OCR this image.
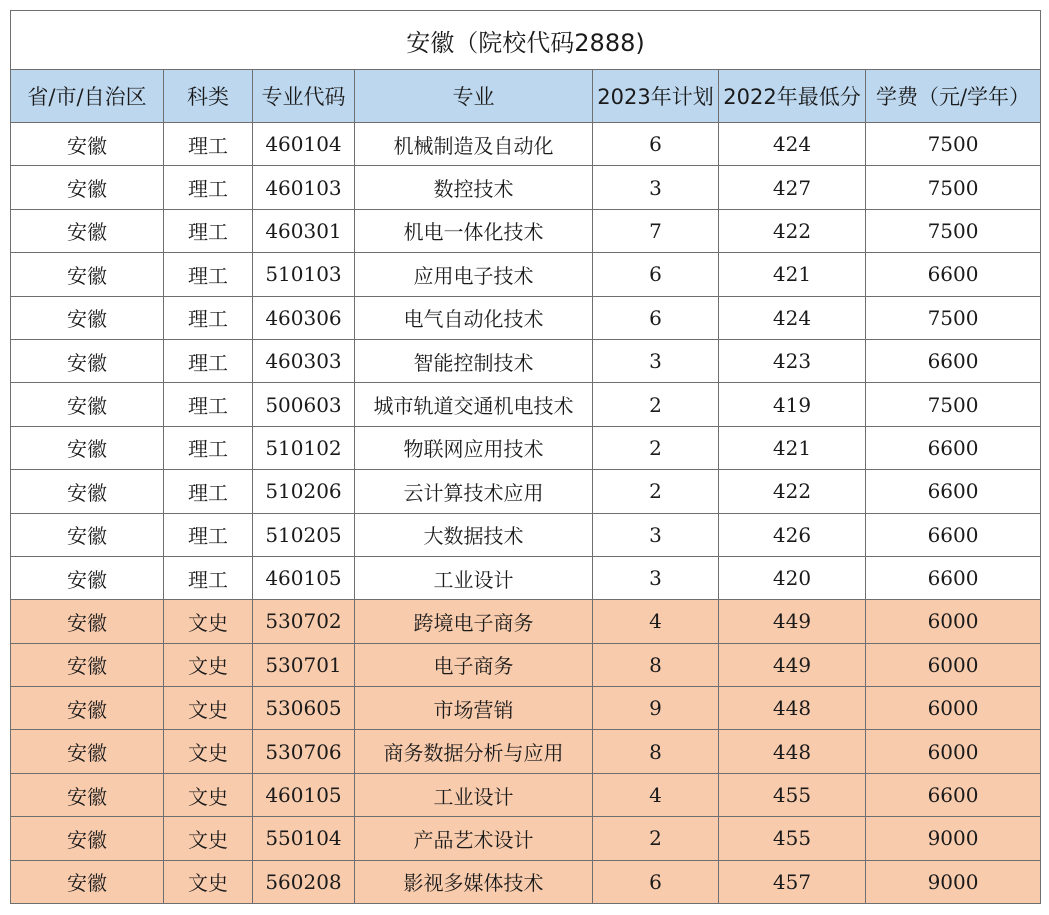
安徽（院校代码2888)						
省/市/自治区	科类	专业代码	专业	2023年计划	2022年最低分	学费（元/学年）
安徽	理工	460104	机械制造及自动化	6	424	7500
安徽	理工	460103	数控技术	3	427	7500
安徽	理工	460301	机电一体化技术	7	422	7500
安徽	理工	510103	应用电子技术	6	421	6600
安徽	理工	460306	电气自动化技术	6	424	7500
安徽	理工	460303	智能控制技术	3	423	6600
安徽	理工	500603	城市轨道交通机电技术	2	419	7500
安徽	理工	510102	物联网应用技术	2	421	6600
安徽	理工	510206	云计算技术应用	2	422	6600
安徽	理工	510205	大数据技术	3	426	6600
安徽	理工	460105	工业设计	3	420	6600
安徽	文史	530702	跨境电子商务	4	449	6000
安徽	文史	530701	电子商务	8	449	6000
安徽	文史	530605	市场营销	9	448	6000
安徽	文史	530706	商务数据分析与应用	8	448	6000
安徽	文史	460105	工业设计	4	455	6600
安徽	文史	550104	产品艺术设计	2	455	9000
安徽	文史	560208	影视多媒体技术	6	457	9000
